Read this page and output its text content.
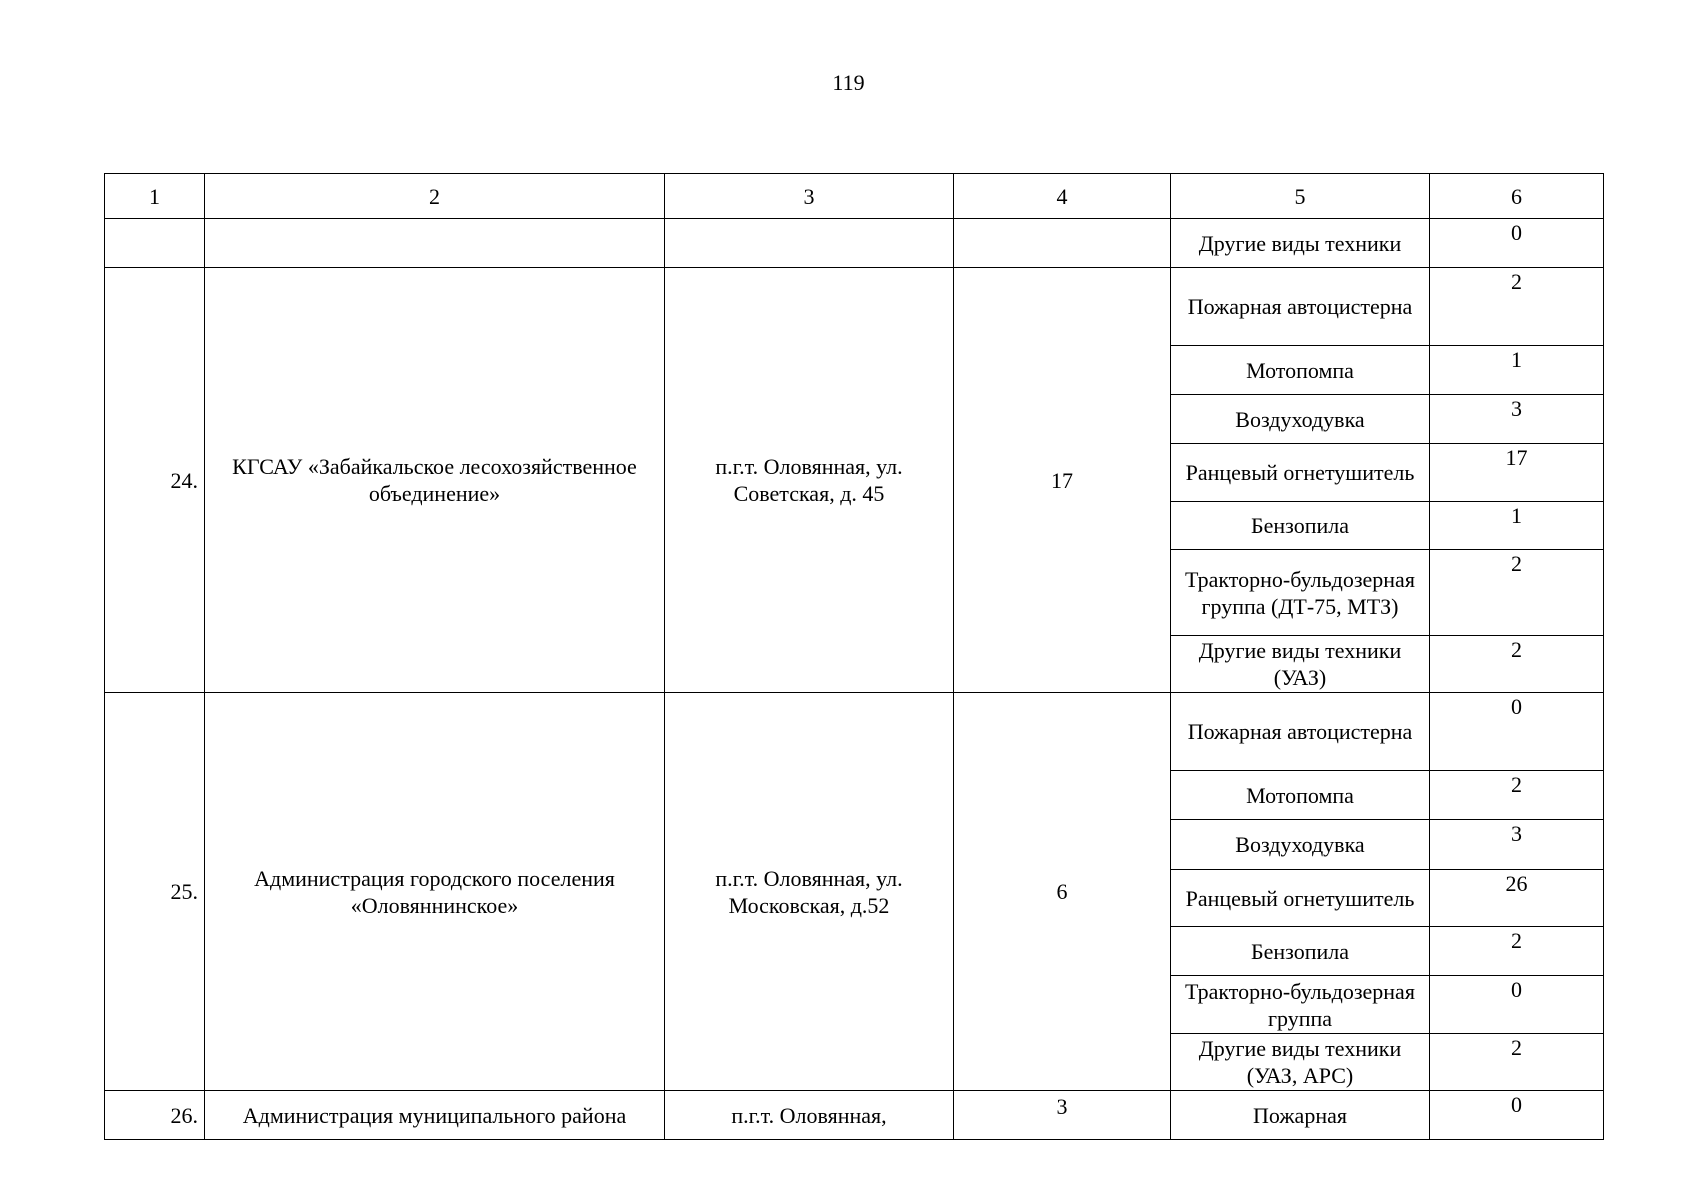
119
1	2	3	4	5	6
				Другие виды техники	0
24.	КГСАУ «Забайкальское лесохозяйственное объединение»	п.г.т. Оловянная, ул. Советская, д. 45	17	Пожарная автоцистерна	2
				Мотопомпа	1
				Воздуходувка	3
				Ранцевый огнетушитель	17
				Бензопила	1
				Тракторно-бульдозерная группа (ДТ-75, МТЗ)	2
				Другие виды техники (УАЗ)	2
25.	Администрация городского поселения «Оловяннинское»	п.г.т. Оловянная, ул. Московская, д.52	6	Пожарная автоцистерна	0
				Мотопомпа	2
				Воздуходувка	3
				Ранцевый огнетушитель	26
				Бензопила	2
				Тракторно-бульдозерная группа	0
				Другие виды техники (УАЗ, АРС)	2
26.	Администрация муниципального района	п.г.т. Оловянная,	3	Пожарная	0
